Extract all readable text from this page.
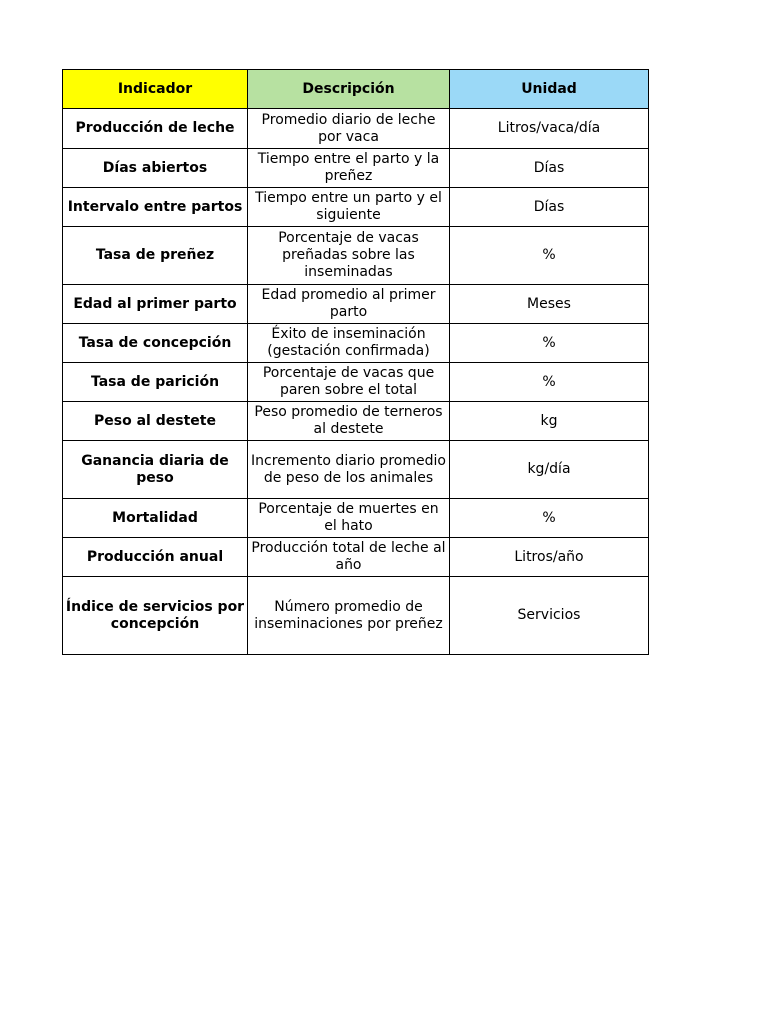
Indicador	Descripción	Unidad
Producción de leche	Promedio diario de leche por vaca	Litros/vaca/día
Días abiertos	Tiempo entre el parto y la preñez	Días
Intervalo entre partos	Tiempo entre un parto y el siguiente	Días
Tasa de preñez	Porcentaje de vacas preñadas sobre las inseminadas	%
Edad al primer parto	Edad promedio al primer parto	Meses
Tasa de concepción	Éxito de inseminación (gestación confirmada)	%
Tasa de parición	Porcentaje de vacas que paren sobre el total	%
Peso al destete	Peso promedio de terneros al destete	kg
Ganancia diaria de peso	Incremento diario promedio de peso de los animales	kg/día
Mortalidad	Porcentaje de muertes en el hato	%
Producción anual	Producción total de leche al año	Litros/año
Índice de servicios por concepción	Número promedio de inseminaciones por preñez	Servicios
